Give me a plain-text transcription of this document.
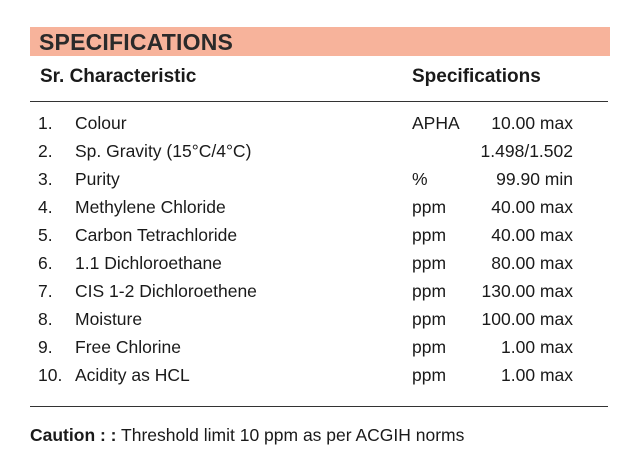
SPECIFICATIONS
Sr. Characteristic	Specifications
1. Colour	APHA 10.00 max
2. Sp. Gravity (15°C/4°C)	1.498/1.502
3. Purity	%	99.90 min
4. Methylene Chloride	ppm	40.00 max
5. Carbon Tetrachloride	ppm	40.00 max
6. 1.1 Dichloroethane	ppm	80.00 max
7. CIS 1-2 Dichloroethene	ppm 130.00 max
8. Moisture	ppm 100.00 max
9. Free Chlorine	ppm	1.00 max
10. Acidity as HCL	ppm	1.00 max
Caution : : Threshold limit 10 ppm as per ACGIH norms
